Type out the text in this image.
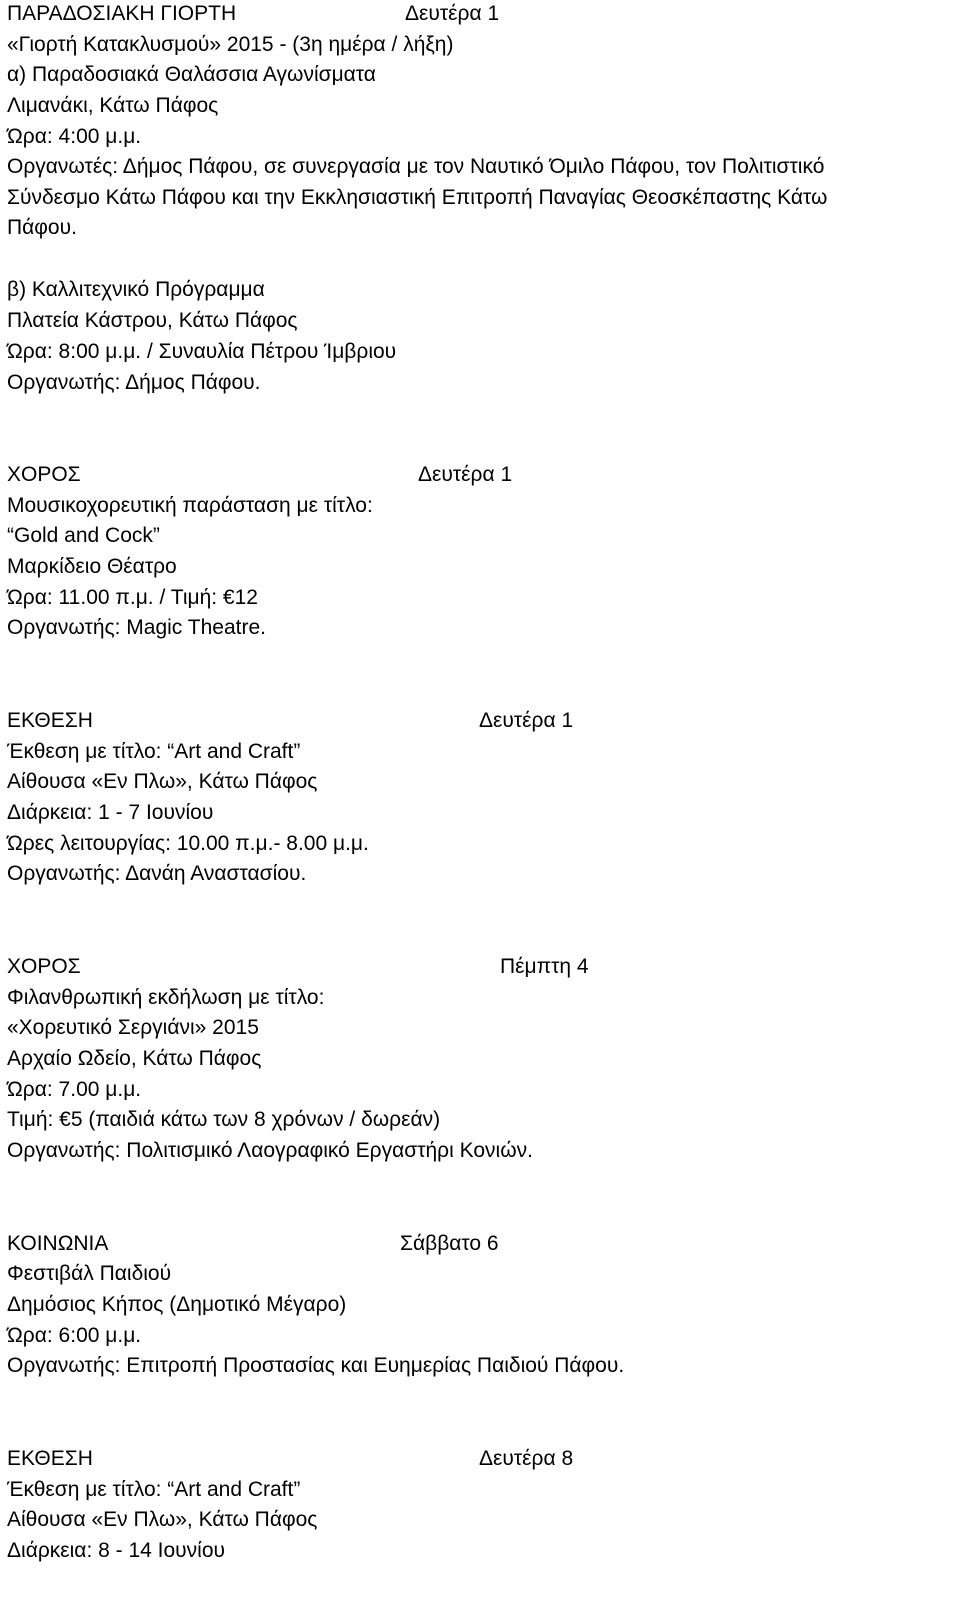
ΠΑΡΑΔΟΣΙΑΚΗ ΓΙΟΡΤΗ	Δευτέρα 1
«Γιορτή Κατακλυσμού» 2015 - (3η ημέρα / λήξη)
α) Παραδοσιακά Θαλάσσια Αγωνίσματα
Λιμανάκι, Κάτω Πάφος
Ώρα: 4:00 μ.μ.
Οργανωτές: Δήμος Πάφου, σε συνεργασία με τον Ναυτικό Όμιλο Πάφου, τον Πολιτιστικό
Σύνδεσμο Κάτω Πάφου και την Εκκλησιαστική Επιτροπή Παναγίας Θεοσκέπαστης Κάτω
Πάφου.
β) Καλλιτεχνικό Πρόγραμμα
Πλατεία Κάστρου, Κάτω Πάφος
Ώρα: 8:00 μ.μ. / Συναυλία Πέτρου Ίμβριου
Οργανωτής: Δήμος Πάφου.
ΧΟΡΟΣ	Δευτέρα 1
Μουσικοχορευτική παράσταση με τίτλο:
“Gold and Cock”
Μαρκίδειο Θέατρο
Ώρα: 11.00 π.μ. / Τιμή: €12
Οργανωτής: Magic Theatre.
ΕΚΘΕΣΗ	Δευτέρα 1
Έκθεση με τίτλο: “Art and Craft”
Αίθουσα «Εν Πλω», Κάτω Πάφος
Διάρκεια: 1 - 7 Ιουνίου
Ώρες λειτουργίας: 10.00 π.μ.- 8.00 μ.μ.
Οργανωτής: Δανάη Αναστασίου.
ΧΟΡΟΣ	Πέμπτη 4
Φιλανθρωπική εκδήλωση με τίτλο:
«Χορευτικό Σεργιάνι» 2015
Αρχαίο Ωδείο, Κάτω Πάφος
Ώρα: 7.00 μ.μ.
Τιμή: €5 (παιδιά κάτω των 8 χρόνων / δωρεάν)
Οργανωτής: Πολιτισμικό Λαογραφικό Εργαστήρι Κονιών.
ΚΟΙΝΩΝΙΑ	Σάββατο 6
Φεστιβάλ Παιδιού
Δημόσιος Κήπος (Δημοτικό Μέγαρο)
Ώρα: 6:00 μ.μ.
Οργανωτής: Επιτροπή Προστασίας και Ευημερίας Παιδιού Πάφου.
ΕΚΘΕΣΗ	Δευτέρα 8
Έκθεση με τίτλο: “Art and Craft”
Αίθουσα «Εν Πλω», Κάτω Πάφος
Διάρκεια: 8 - 14 Ιουνίου
